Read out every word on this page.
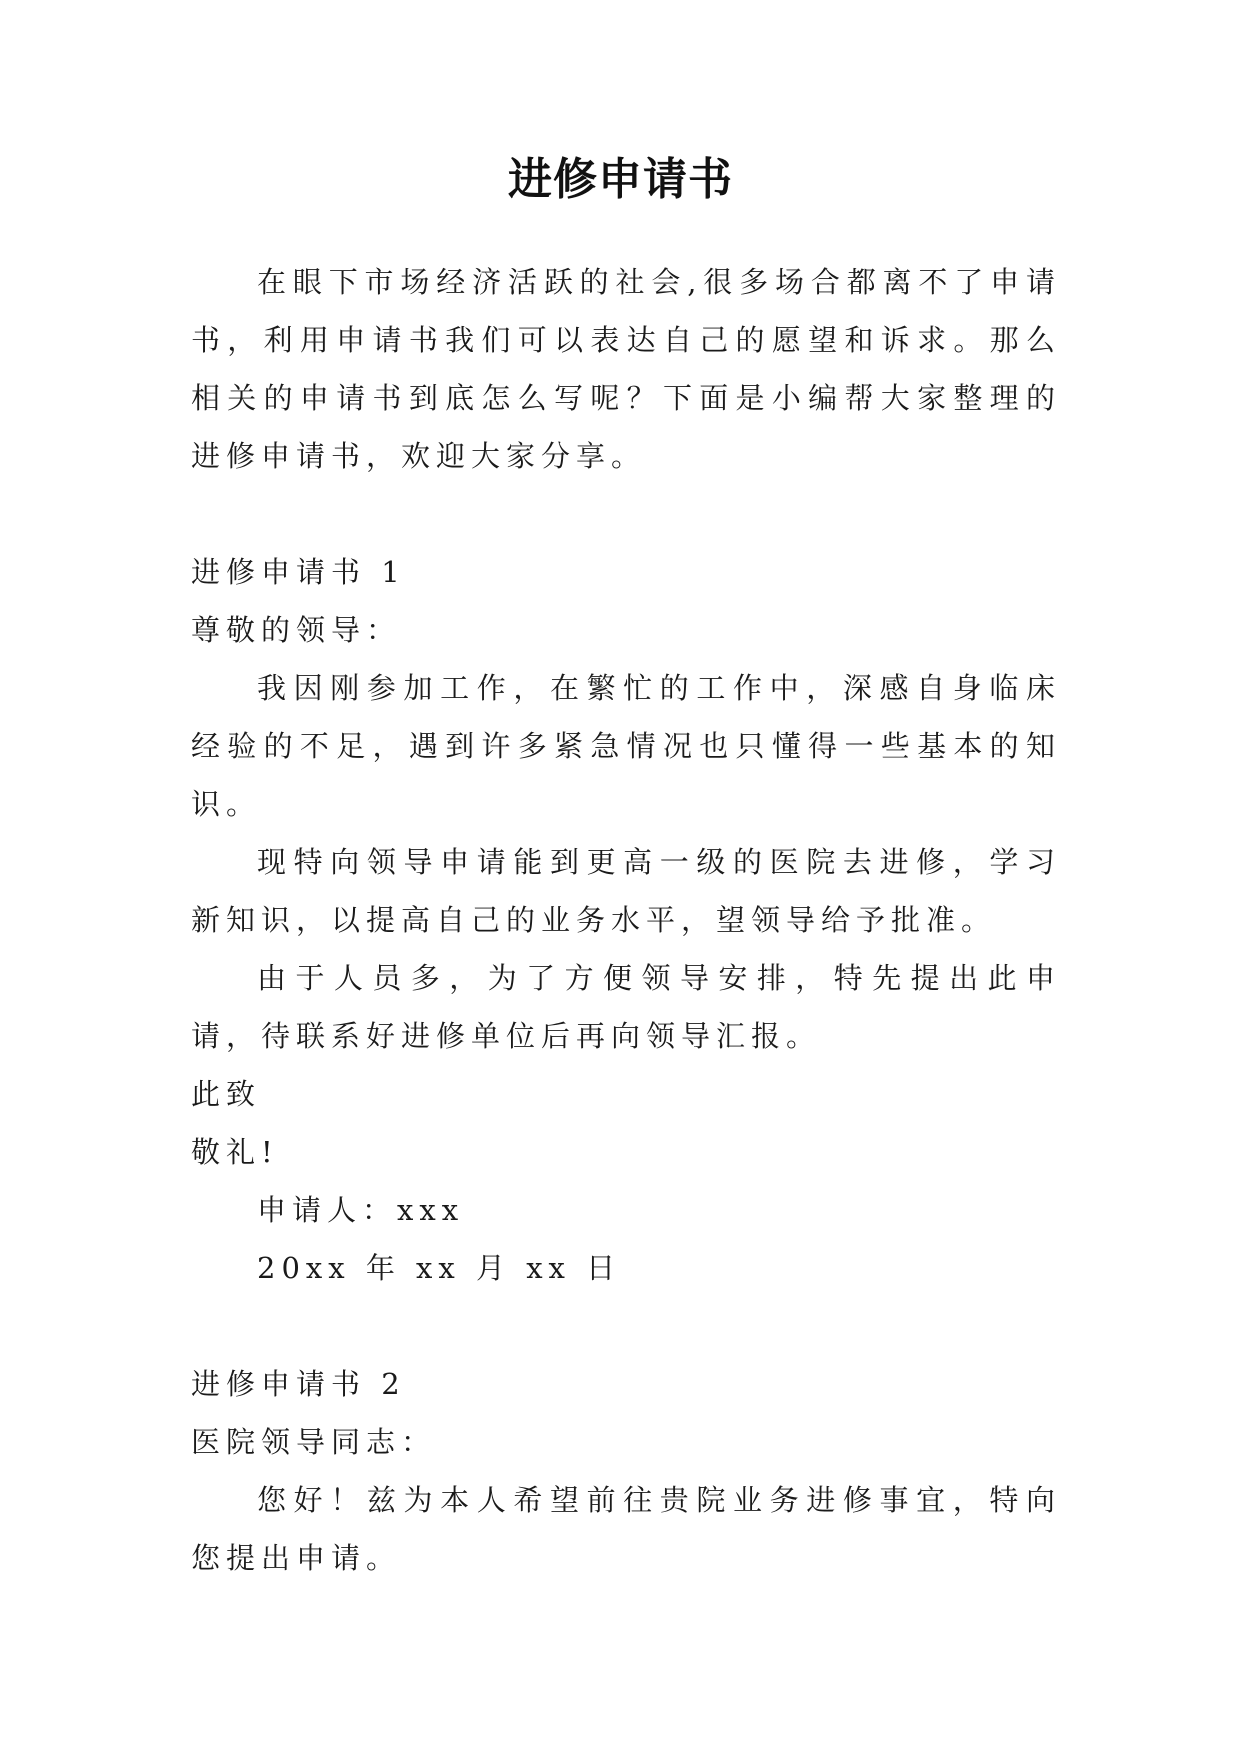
进修申请书

在眼下市场经济活跃的社会,很多场合都离不了申请书，利用申请书我们可以表达自己的愿望和诉求。那么相关的申请书到底怎么写呢？下面是小编帮大家整理的进修申请书，欢迎大家分享。

进修申请书 1

尊敬的领导：

我因刚参加工作，在繁忙的工作中，深感自身临床经验的不足，遇到许多紧急情况也只懂得一些基本的知识。

现特向领导申请能到更高一级的医院去进修，学习新知识，以提高自己的业务水平，望领导给予批准。

由于人员多，为了方便领导安排，特先提出此申请，待联系好进修单位后再向领导汇报。

此致

敬礼!

申请人：xxx

20xx 年 xx 月 xx 日

进修申请书 2

医院领导同志：

您好！兹为本人希望前往贵院业务进修事宜，特向您提出申请。
